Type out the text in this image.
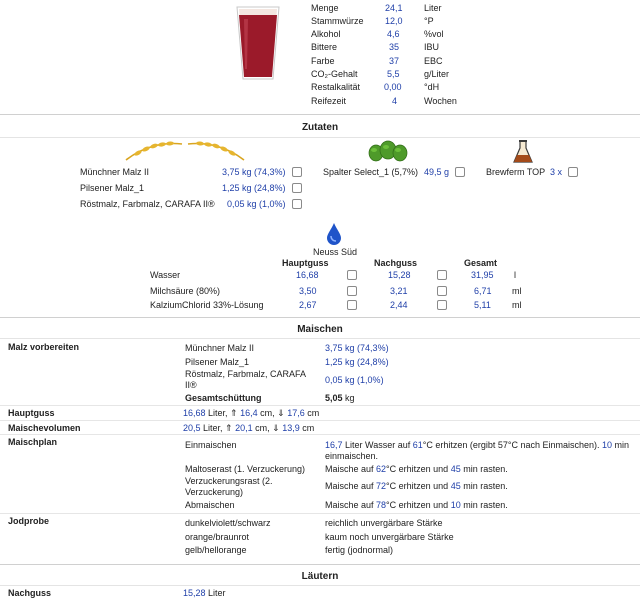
Menge	24,1 Liter
Stammwürze 12,0 °P
Alkohol	4,6	%vol
Bittere	35	IBU
Farbe	37	EBC
CO₂-Gehalt	5,5	g/Liter
Restalkalität	0,00 °dH
Reifezeit	4	Wochen
Zutaten
Münchner Malz II	3,75 kg (74,3%)
Pilsener Malz_1	1,25 kg (24,8%)
Röstmalz, Farbmalz, CARAFA II® 0,05 kg (1,0%)
Spalter Select_1 (5,7%) 49,5 g	Brewferm TOP 3 x
Neuss Süd
Hauptguss	Nachguss	Gesamt
Wasser	16,68	15,28	31,95 l
Milchsäure (80%)	3,50	3,21	6,71 ml
KalziumChlorid 33%-Lösung	2,67	2,44	5,11 ml
Maischen
Malz vorbereiten	Münchner Malz II	3,75 kg (74,3%)
Pilsener Malz_1	1,25 kg (24,8%)
Röstmalz, Farbmalz, CARAFA
II®	0,05 kg (1,0%)
Gesamtschüttung	5,05 kg
Hauptguss	16,68 Liter, ⇑ 16,4 cm, ⇓ 17,6 cm
Maischevolumen	20,5 Liter, ⇑ 20,1 cm, ⇓ 13,9 cm
Maischplan	Einmaischen	16,7 Liter Wasser auf 61°C erhitzen (ergibt 57°C nach Einmaischen). 10 min
einmaischen.
Maltoserast (1. Verzuckerung) Maische auf 62°C erhitzen und 45 min rasten.
Verzuckerungsrast (2.
Verzuckerung)
Maische auf 72°C erhitzen und 45 min rasten.
Abmaischen	Maische auf 78°C erhitzen und 10 min rasten.
Jodprobe	dunkelviolett/schwarz	reichlich unvergärbare Stärke
orange/braunrot	kaum noch unvergärbare Stärke
gelb/hellorange	fertig (jodnormal)
Läutern
Nachguss	15,28 Liter
